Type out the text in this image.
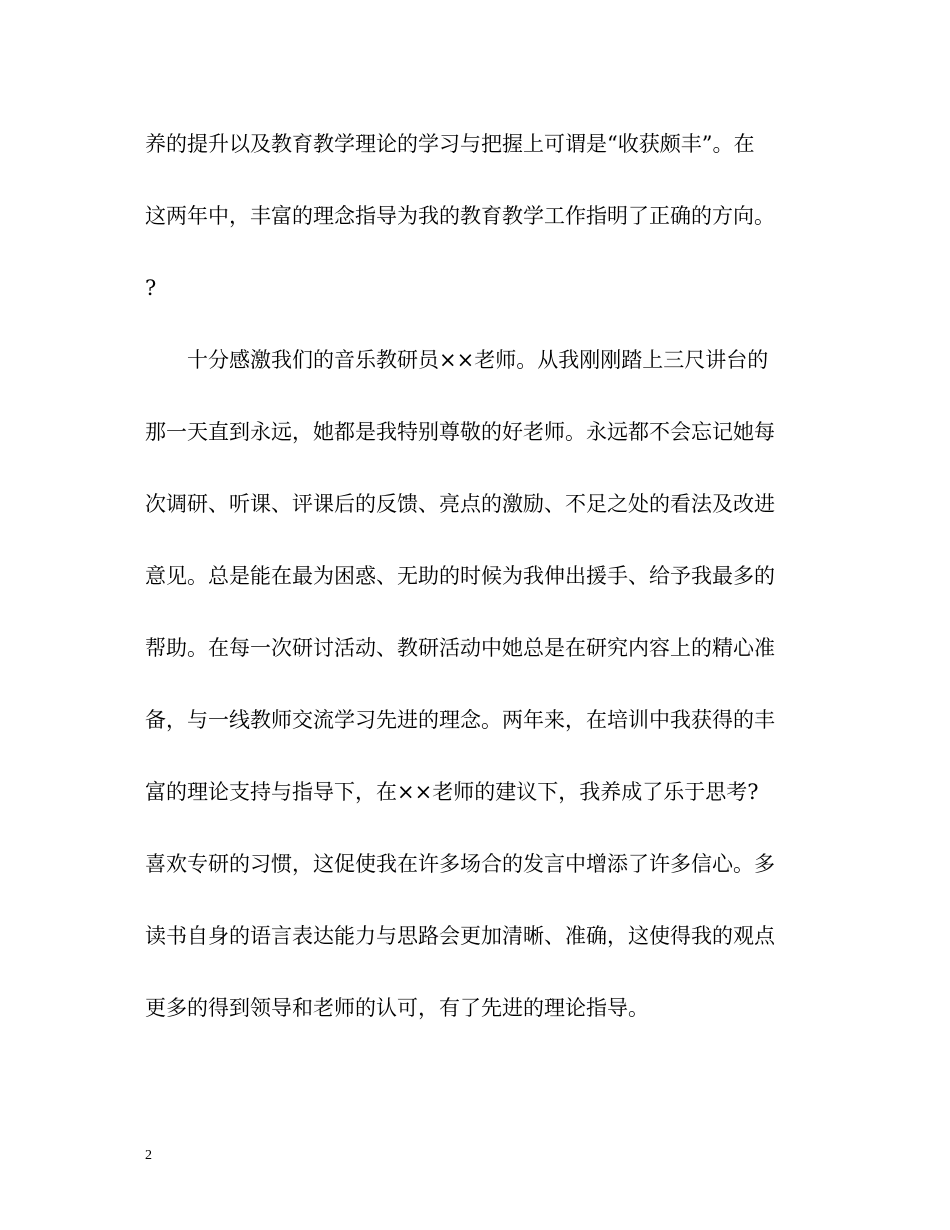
养的提升以及教育教学理论的学习与把握上可谓是“收获颇丰”。在
这两年中，丰富的理念指导为我的教育教学工作指明了正确的方向。
?
十分感激我们的音乐教研员××老师。从我刚刚踏上三尺讲台的
那一天直到永远，她都是我特别尊敬的好老师。永远都不会忘记她每
次调研、听课、评课后的反馈、亮点的激励、不足之处的看法及改进
意见。总是能在最为困惑、无助的时候为我伸出援手、给予我最多的
帮助。在每一次研讨活动、教研活动中她总是在研究内容上的精心准
备，与一线教师交流学习先进的理念。两年来，在培训中我获得的丰
富的理论支持与指导下，在××老师的建议下，我养成了乐于思考?
喜欢专研的习惯，这促使我在许多场合的发言中增添了许多信心。多
读书自身的语言表达能力与思路会更加清晰、准确，这使得我的观点
更多的得到领导和老师的认可，有了先进的理论指导。
2
